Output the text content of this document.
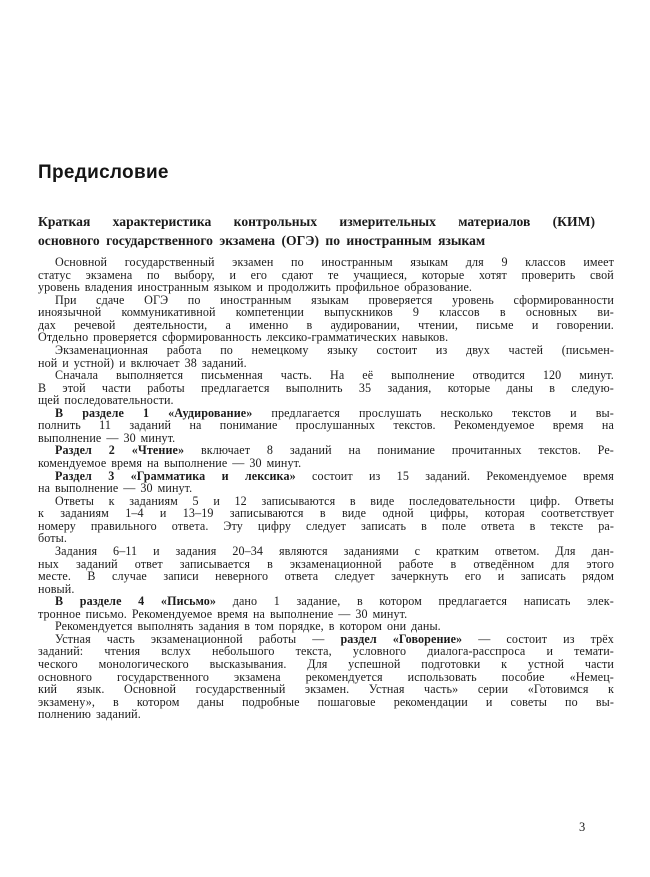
Предисловие
Краткая характеристика контрольных измерительных материалов (КИМ)
основного государственного экзамена (ОГЭ) по иностранным языкам
Основной государственный экзамен по иностранным языкам для 9 классов имеет
статус экзамена по выбору, и его сдают те учащиеся, которые хотят проверить свой
уровень владения иностранным языком и продолжить профильное образование.
При сдаче ОГЭ по иностранным языкам проверяется уровень сформированности
иноязычной коммуникативной компетенции выпускников 9 классов в основных ви-
дах речевой деятельности, а именно в аудировании, чтении, письме и говорении.
Отдельно проверяется сформированность лексико-грамматических навыков.
Экзаменационная работа по немецкому языку состоит из двух частей (письмен-
ной и устной) и включает 38 заданий.
Сначала выполняется письменная часть. На её выполнение отводится 120 минут.
В этой части работы предлагается выполнить 35 задания, которые даны в следую-
щей последовательности.
В разделе 1 «Аудирование» предлагается прослушать несколько текстов и вы-
полнить 11 заданий на понимание прослушанных текстов. Рекомендуемое время на
выполнение — 30 минут.
Раздел 2 «Чтение» включает 8 заданий на понимание прочитанных текстов. Ре-
комендуемое время на выполнение — 30 минут.
Раздел 3 «Грамматика и лексика» состоит из 15 заданий. Рекомендуемое время
на выполнение — 30 минут.
Ответы к заданиям 5 и 12 записываются в виде последовательности цифр. Ответы
к заданиям 1–4 и 13–19 записываются в виде одной цифры, которая соответствует
номеру правильного ответа. Эту цифру следует записать в поле ответа в тексте ра-
боты.
Задания 6–11 и задания 20–34 являются заданиями с кратким ответом. Для дан-
ных заданий ответ записывается в экзаменационной работе в отведённом для этого
месте. В случае записи неверного ответа следует зачеркнуть его и записать рядом
новый.
В разделе 4 «Письмо» дано 1 задание, в котором предлагается написать элек-
тронное письмо. Рекомендуемое время на выполнение — 30 минут.
Рекомендуется выполнять задания в том порядке, в котором они даны.
Устная часть экзаменационной работы — раздел «Говорение» — состоит из трёх
заданий: чтения вслух небольшого текста, условного диалога-расспроса и темати-
ческого монологического высказывания. Для успешной подготовки к устной части
основного государственного экзамена рекомендуется использовать пособие «Немец-
кий язык. Основной государственный экзамен. Устная часть» серии «Готовимся к
экзамену», в котором даны подробные пошаговые рекомендации и советы по вы-
полнению заданий.
3
